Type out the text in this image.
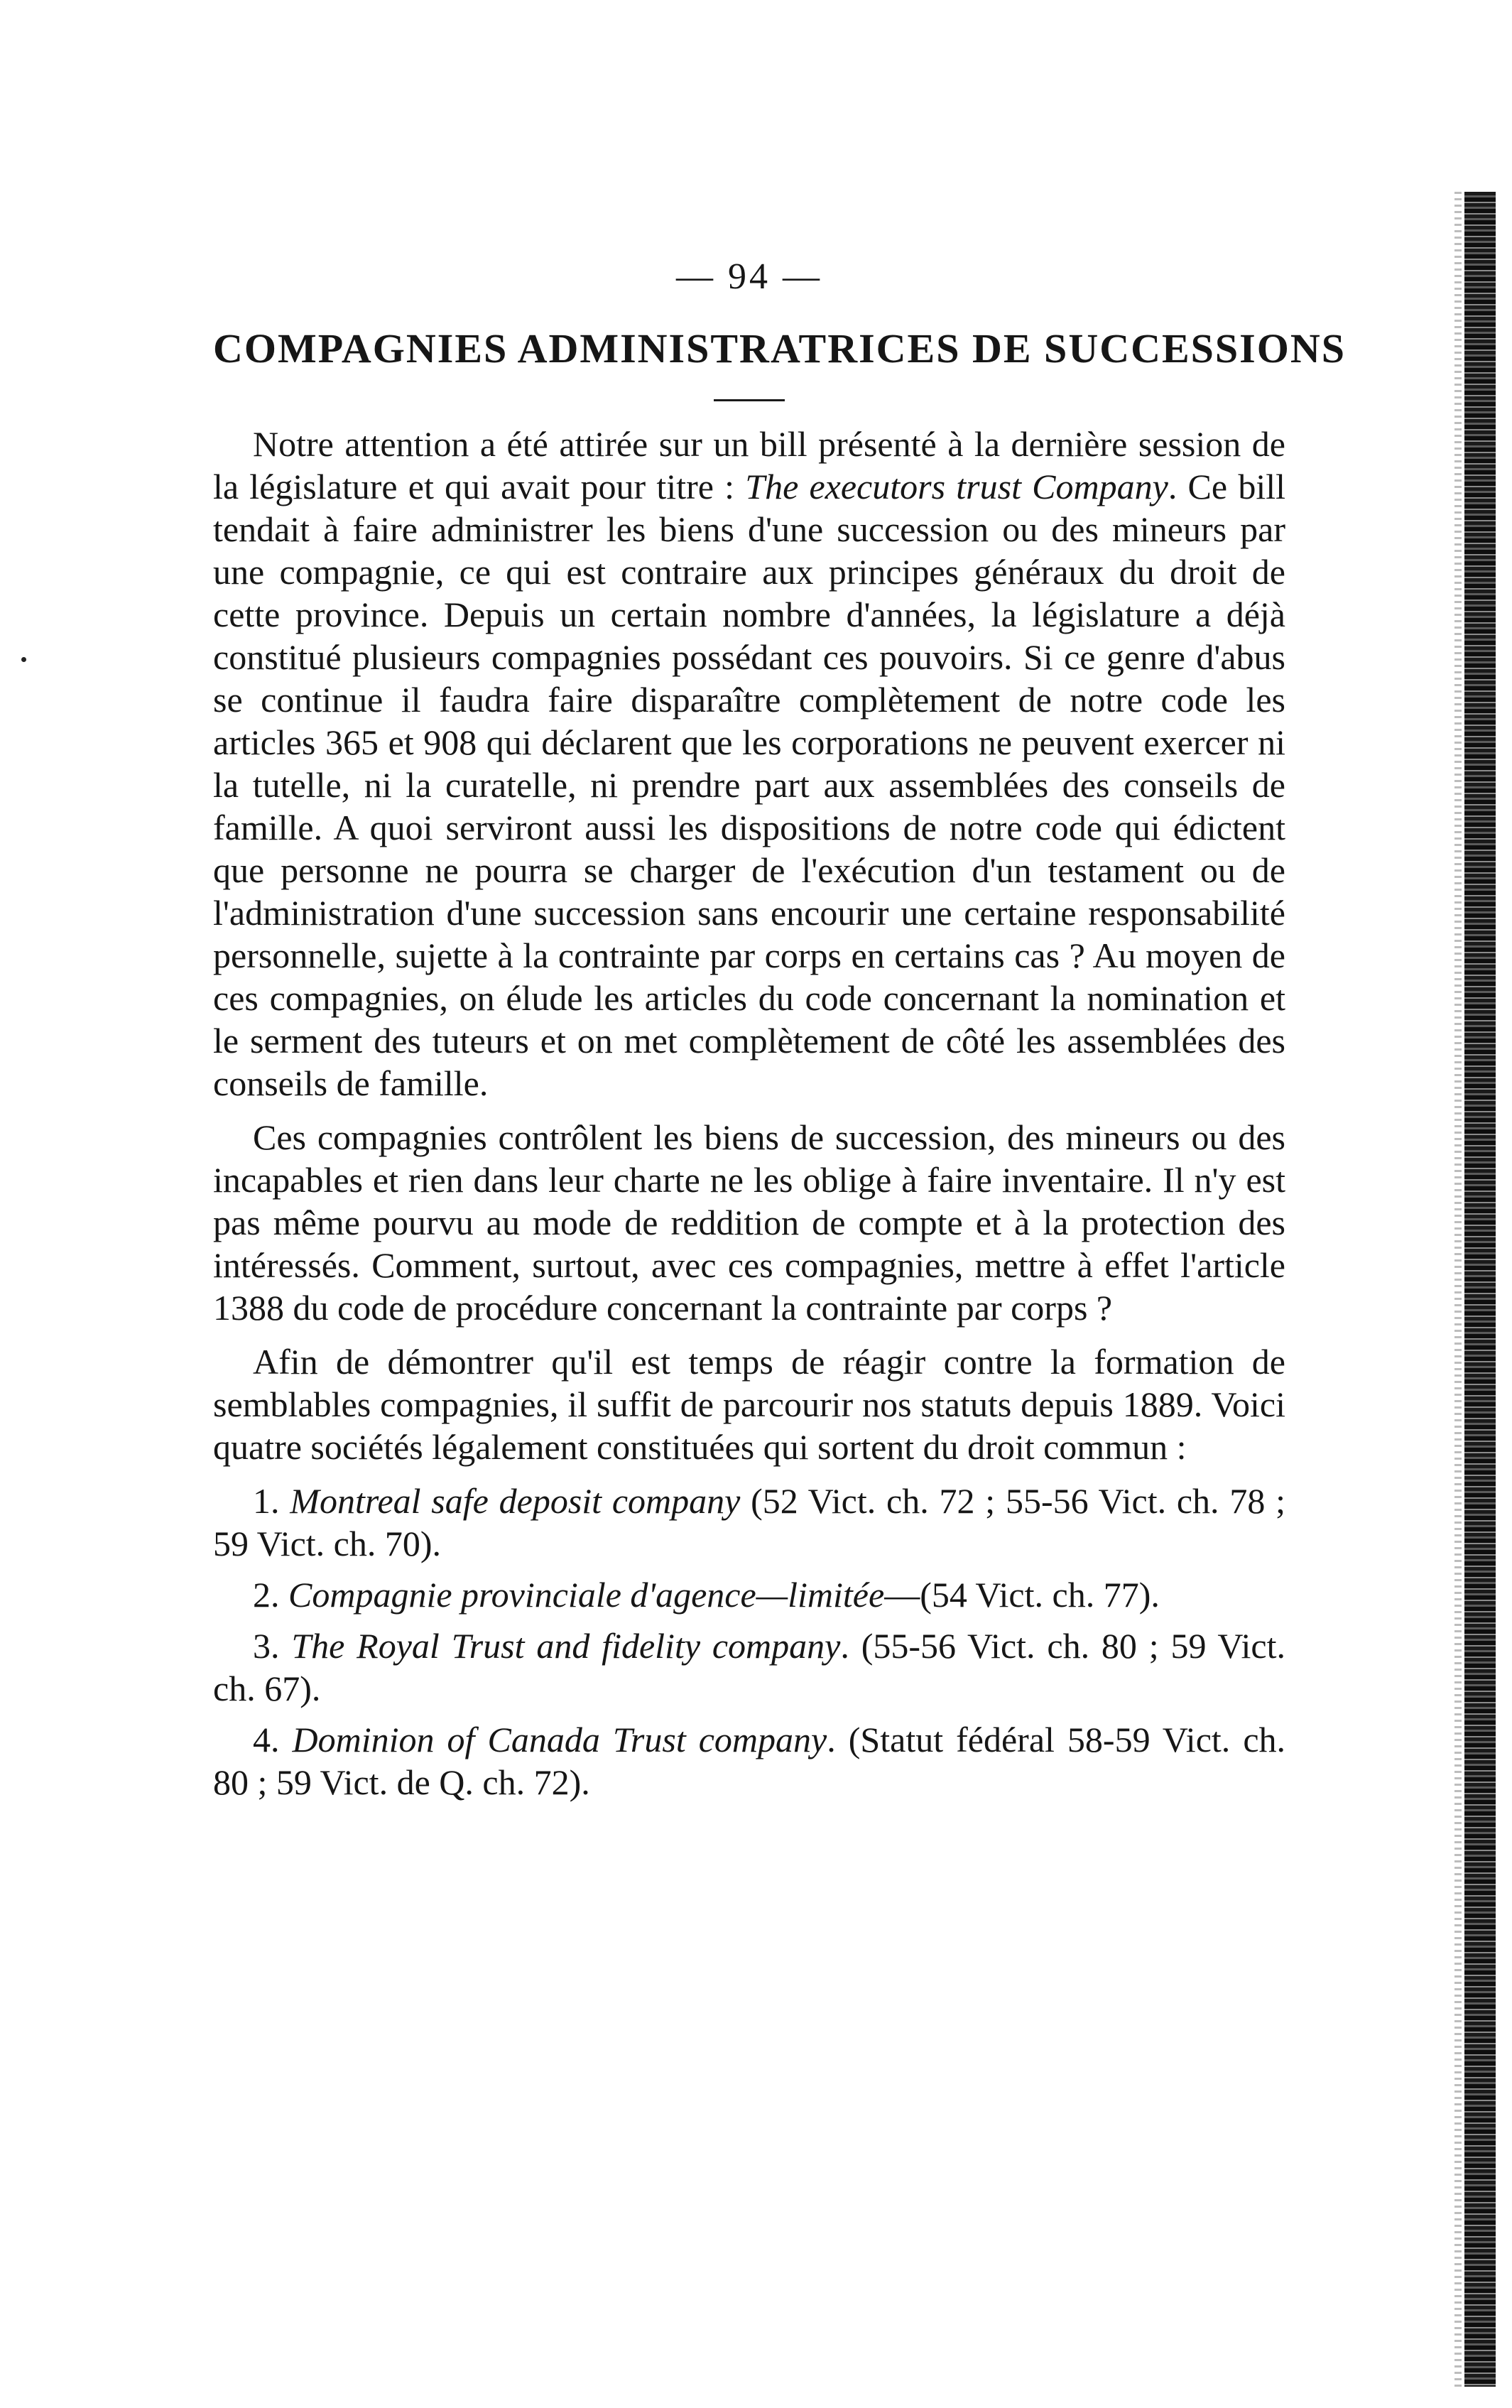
— 94 —

COMPAGNIES ADMINISTRATRICES DE SUCCESSIONS

Notre attention a été attirée sur un bill présenté à la dernière session de la législature et qui avait pour titre : The executors trust Company. Ce bill tendait à faire administrer les biens d'une succession ou des mineurs par une compagnie, ce qui est contraire aux principes généraux du droit de cette province. Depuis un certain nombre d'années, la législature a déjà constitué plusieurs compagnies possédant ces pouvoirs. Si ce genre d'abus se continue il faudra faire disparaître complètement de notre code les articles 365 et 908 qui déclarent que les corporations ne peuvent exercer ni la tutelle, ni la curatelle, ni prendre part aux assemblées des conseils de famille. A quoi serviront aussi les dispositions de notre code qui édictent que personne ne pourra se charger de l'exécution d'un testament ou de l'administration d'une succession sans encourir une certaine responsabilité personnelle, sujette à la contrainte par corps en certains cas ? Au moyen de ces compagnies, on élude les articles du code concernant la nomination et le serment des tuteurs et on met complètement de côté les assemblées des conseils de famille.

Ces compagnies contrôlent les biens de succession, des mineurs ou des incapables et rien dans leur charte ne les oblige à faire inventaire. Il n'y est pas même pourvu au mode de reddition de compte et à la protection des intéressés. Comment, surtout, avec ces compagnies, mettre à effet l'article 1388 du code de procédure concernant la contrainte par corps ?

Afin de démontrer qu'il est temps de réagir contre la formation de semblables compagnies, il suffit de parcourir nos statuts depuis 1889. Voici quatre sociétés légalement constituées qui sortent du droit commun :

1. Montreal safe deposit company (52 Vict. ch. 72 ; 55-56 Vict. ch. 78 ; 59 Vict. ch. 70).

2. Compagnie provinciale d'agence—limitée—(54 Vict. ch. 77).

3. The Royal Trust and fidelity company. (55-56 Vict. ch. 80 ; 59 Vict. ch. 67).

4. Dominion of Canada Trust company. (Statut fédéral 58-59 Vict. ch. 80 ; 59 Vict. de Q. ch. 72).
